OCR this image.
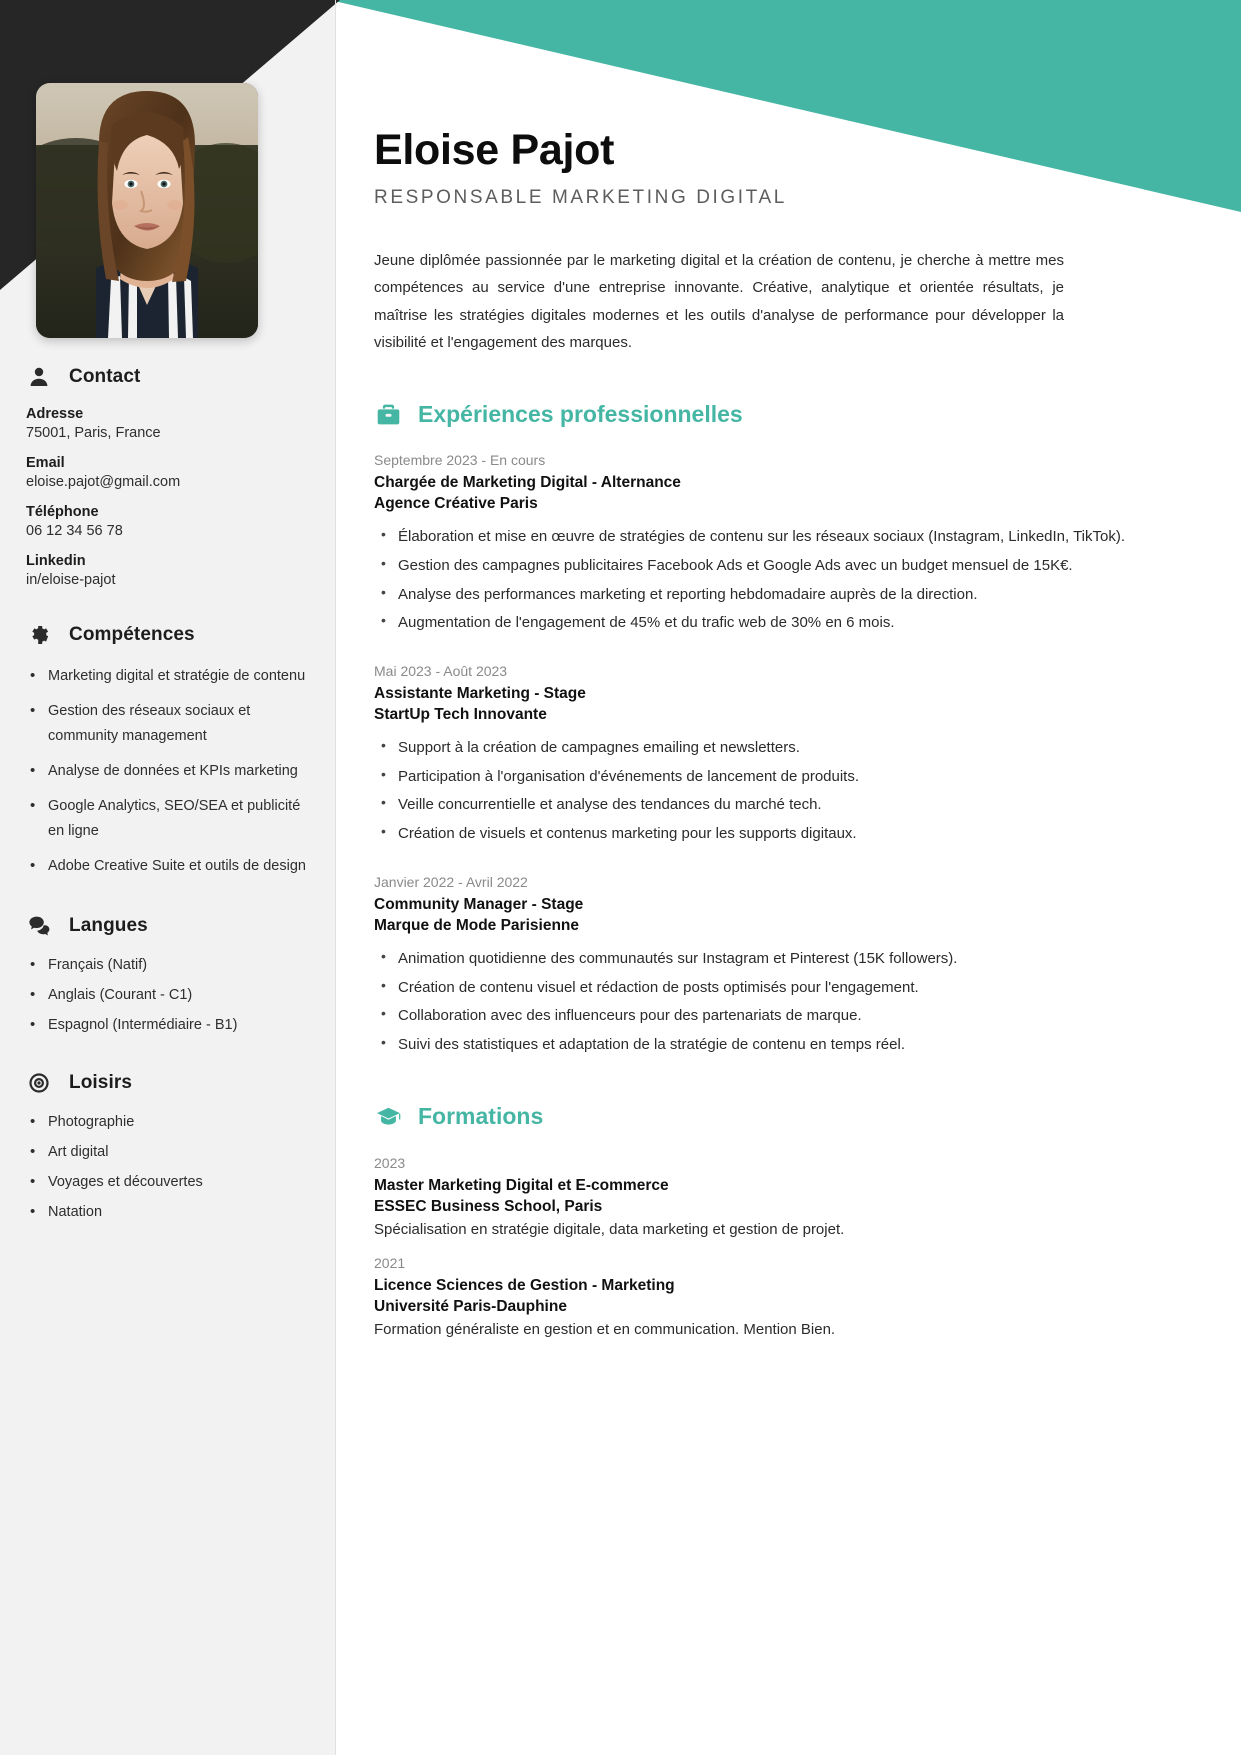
Contact
Adresse
75001, Paris, France
Email
eloise.pajot@gmail.com
Téléphone
06 12 34 56 78
Linkedin
in/eloise-pajot
Compétences
• Marketing digital et stratégie de contenu
• Gestion des réseaux sociaux et community management
• Analyse de données et KPIs marketing
• Google Analytics, SEO/SEA et publicité en ligne
• Adobe Creative Suite et outils de design
Langues
• Français (Natif)
• Anglais (Courant - C1)
• Espagnol (Intermédiaire - B1)
Loisirs
• Photographie
• Art digital
• Voyages et découvertes
• Natation
Eloise Pajot
RESPONSABLE MARKETING DIGITAL

Jeune diplômée passionnée par le marketing digital et la création de contenu, je cherche à mettre mes compétences au service d'une entreprise innovante. Créative, analytique et orientée résultats, je maîtrise les stratégies digitales modernes et les outils d'analyse de performance pour développer la visibilité et l'engagement des marques.

Expériences professionnelles
Septembre 2023 - En cours
Chargée de Marketing Digital - Alternance
Agence Créative Paris
• Élaboration et mise en œuvre de stratégies de contenu sur les réseaux sociaux (Instagram, LinkedIn, TikTok).
• Gestion des campagnes publicitaires Facebook Ads et Google Ads avec un budget mensuel de 15K€.
• Analyse des performances marketing et reporting hebdomadaire auprès de la direction.
• Augmentation de l'engagement de 45% et du trafic web de 30% en 6 mois.
Mai 2023 - Août 2023
Assistante Marketing - Stage
StartUp Tech Innovante
• Support à la création de campagnes emailing et newsletters.
• Participation à l'organisation d'événements de lancement de produits.
• Veille concurrentielle et analyse des tendances du marché tech.
• Création de visuels et contenus marketing pour les supports digitaux.
Janvier 2022 - Avril 2022
Community Manager - Stage
Marque de Mode Parisienne
• Animation quotidienne des communautés sur Instagram et Pinterest (15K followers).
• Création de contenu visuel et rédaction de posts optimisés pour l'engagement.
• Collaboration avec des influenceurs pour des partenariats de marque.
• Suivi des statistiques et adaptation de la stratégie de contenu en temps réel.
Formations
2023
Master Marketing Digital et E-commerce
ESSEC Business School, Paris
Spécialisation en stratégie digitale, data marketing et gestion de projet.
2021
Licence Sciences de Gestion - Marketing
Université Paris-Dauphine
Formation généraliste en gestion et en communication. Mention Bien.
